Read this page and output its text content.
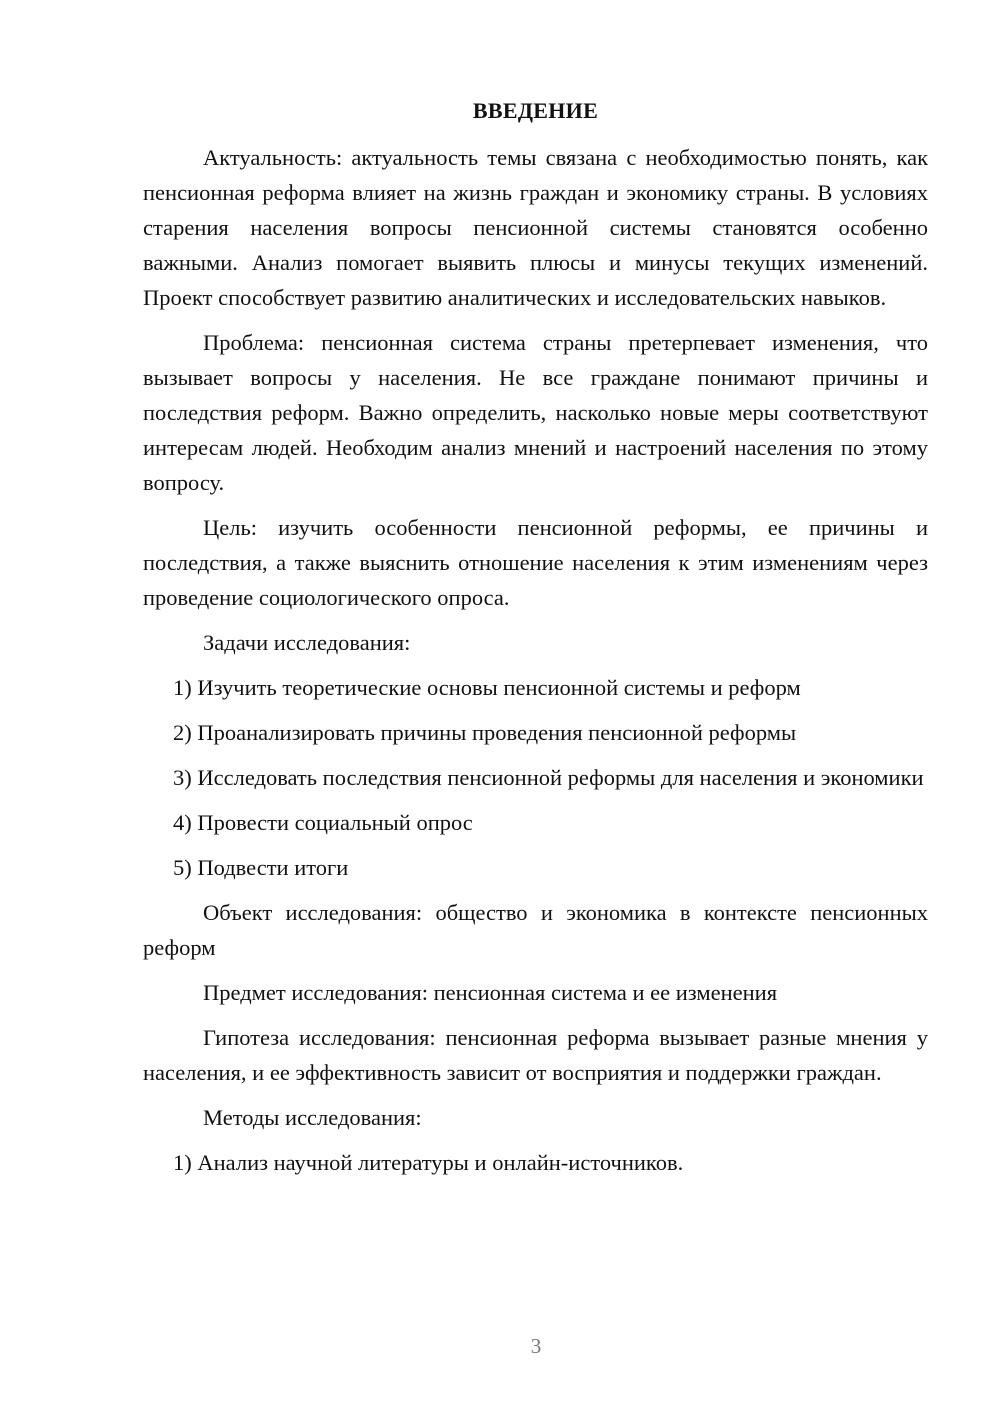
ВВЕДЕНИЕ

Актуальность: актуальность темы связана с необходимостью понять, как пенсионная реформа влияет на жизнь граждан и экономику страны. В условиях старения населения вопросы пенсионной системы становятся особенно важными. Анализ помогает выявить плюсы и минусы текущих изменений. Проект способствует развитию аналитических и исследовательских навыков.

Проблема: пенсионная система страны претерпевает изменения, что вызывает вопросы у населения. Не все граждане понимают причины и последствия реформ. Важно определить, насколько новые меры соответствуют интересам людей. Необходим анализ мнений и настроений населения по этому вопросу.

Цель: изучить особенности пенсионной реформы, ее причины и последствия, а также выяснить отношение населения к этим изменениям через проведение социологического опроса.

Задачи исследования:

1) Изучить теоретические основы пенсионной системы и реформ

2) Проанализировать причины проведения пенсионной реформы

3) Исследовать последствия пенсионной реформы для населения и экономики

4) Провести социальный опрос

5) Подвести итоги

Объект исследования: общество и экономика в контексте пенсионных реформ

Предмет исследования: пенсионная система и ее изменения

Гипотеза исследования: пенсионная реформа вызывает разные мнения у населения, и ее эффективность зависит от восприятия и поддержки граждан.

Методы исследования:

1) Анализ научной литературы и онлайн-источников.

3
